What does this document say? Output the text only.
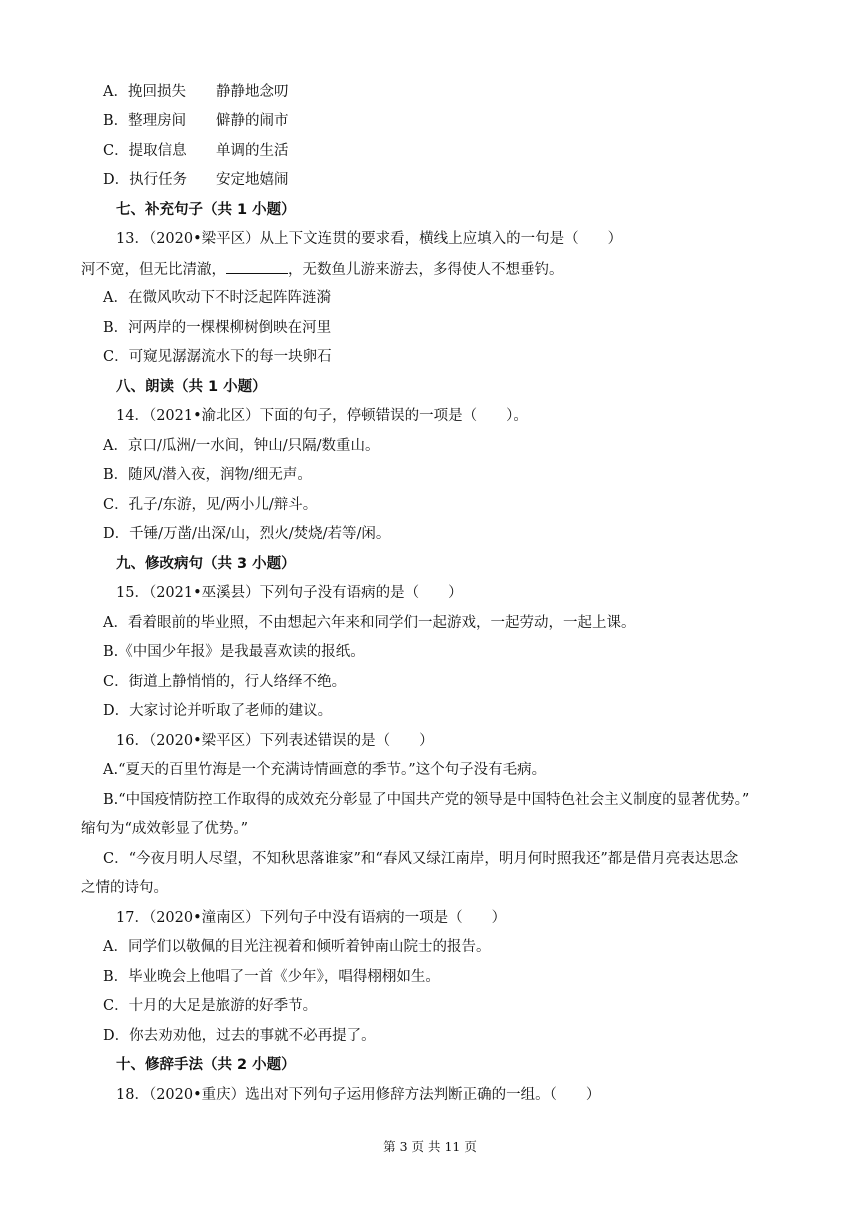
A．挽回损失 静静地念叨
B．整理房间 僻静的闹市
C．提取信息 单调的生活
D．执行任务 安定地嬉闹
七、补充句子（共 1 小题）
13．（2020•梁平区）从上下文连贯的要求看，横线上应填入的一句是（　　）
河不宽，但无比清澈，	，无数鱼儿游来游去，多得使人不想垂钓。
A．在微风吹动下不时泛起阵阵涟漪
B．河两岸的一棵棵柳树倒映在河里
C．可窥见潺潺流水下的每一块卵石
八、朗读（共 1 小题）
14．（2021•渝北区）下面的句子，停顿错误的一项是（　　）。
A．京口/瓜洲/一水间，钟山/只隔/数重山。
B．随风/潜入夜，润物/细无声。
C．孔子/东游，见/两小儿/辩斗。
D．千锤/万凿/出深/山，烈火/焚烧/若等/闲。
九、修改病句（共 3 小题）
15．（2021•巫溪县）下列句子没有语病的是（　　）
A．看着眼前的毕业照，不由想起六年来和同学们一起游戏，一起劳动，一起上课。
B.《中国少年报》是我最喜欢读的报纸。
C．街道上静悄悄的，行人络绎不绝。
D．大家讨论并听取了老师的建议。
16．（2020•梁平区）下列表述错误的是（　　）
A.“夏天的百里竹海是一个充满诗情画意的季节。”这个句子没有毛病。
B.“中国疫情防控工作取得的成效充分彰显了中国共产党的领导是中国特色社会主义制度的显著优势。”
缩句为“成效彰显了优势。”
C．“今夜月明人尽望，不知秋思落谁家”和“春风又绿江南岸，明月何时照我还”都是借月亮表达思念
之情的诗句。
17．（2020•潼南区）下列句子中没有语病的一项是（　　）
A．同学们以敬佩的目光注视着和倾听着钟南山院士的报告。
B．毕业晚会上他唱了一首《少年》，唱得栩栩如生。
C．十月的大足是旅游的好季节。
D．你去劝劝他，过去的事就不必再提了。
十、修辞手法（共 2 小题）
18．（2020•重庆）选出对下列句子运用修辞方法判断正确的一组。（　　）
第 3 页 共 11 页
